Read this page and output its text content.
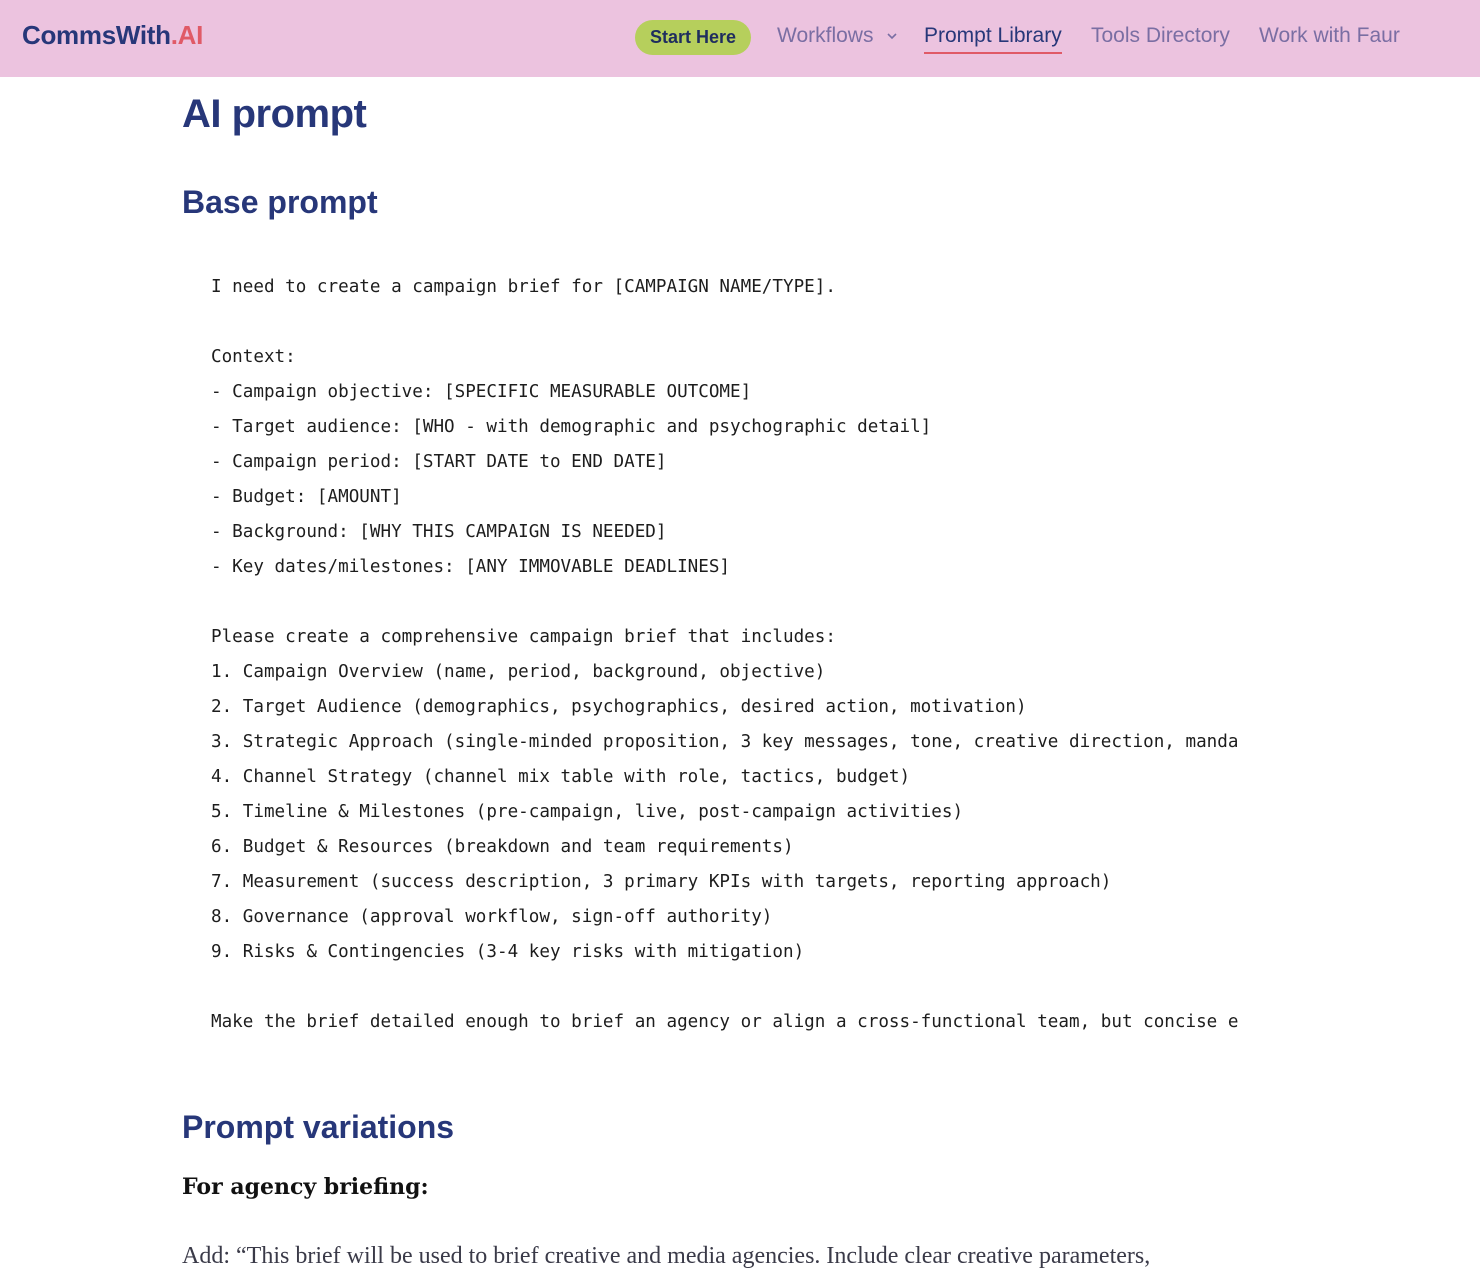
CommsWith.AI	Start Here	Workflows	Prompt Library Tools Directory Work with Faur
AI prompt
Base prompt
I need to create a campaign brief for [CAMPAIGN NAME/TYPE].

Context:
- Campaign objective: [SPECIFIC MEASURABLE OUTCOME]
- Target audience: [WHO - with demographic and psychographic detail]
- Campaign period: [START DATE to END DATE]
- Budget: [AMOUNT]
- Background: [WHY THIS CAMPAIGN IS NEEDED]
- Key dates/milestones: [ANY IMMOVABLE DEADLINES]

Please create a comprehensive campaign brief that includes:
1. Campaign Overview (name, period, background, objective)
2. Target Audience (demographics, psychographics, desired action, motivation)
3. Strategic Approach (single-minded proposition, 3 key messages, tone, creative direction, manda
4. Channel Strategy (channel mix table with role, tactics, budget)
5. Timeline & Milestones (pre-campaign, live, post-campaign activities)
6. Budget & Resources (breakdown and team requirements)
7. Measurement (success description, 3 primary KPIs with targets, reporting approach)
8. Governance (approval workflow, sign-off authority)
9. Risks & Contingencies (3-4 key risks with mitigation)

Make the brief detailed enough to brief an agency or align a cross-functional team, but concise e
Prompt variations
For agency briefing:
Add: “This brief will be used to brief creative and media agencies. Include clear creative parameters,
